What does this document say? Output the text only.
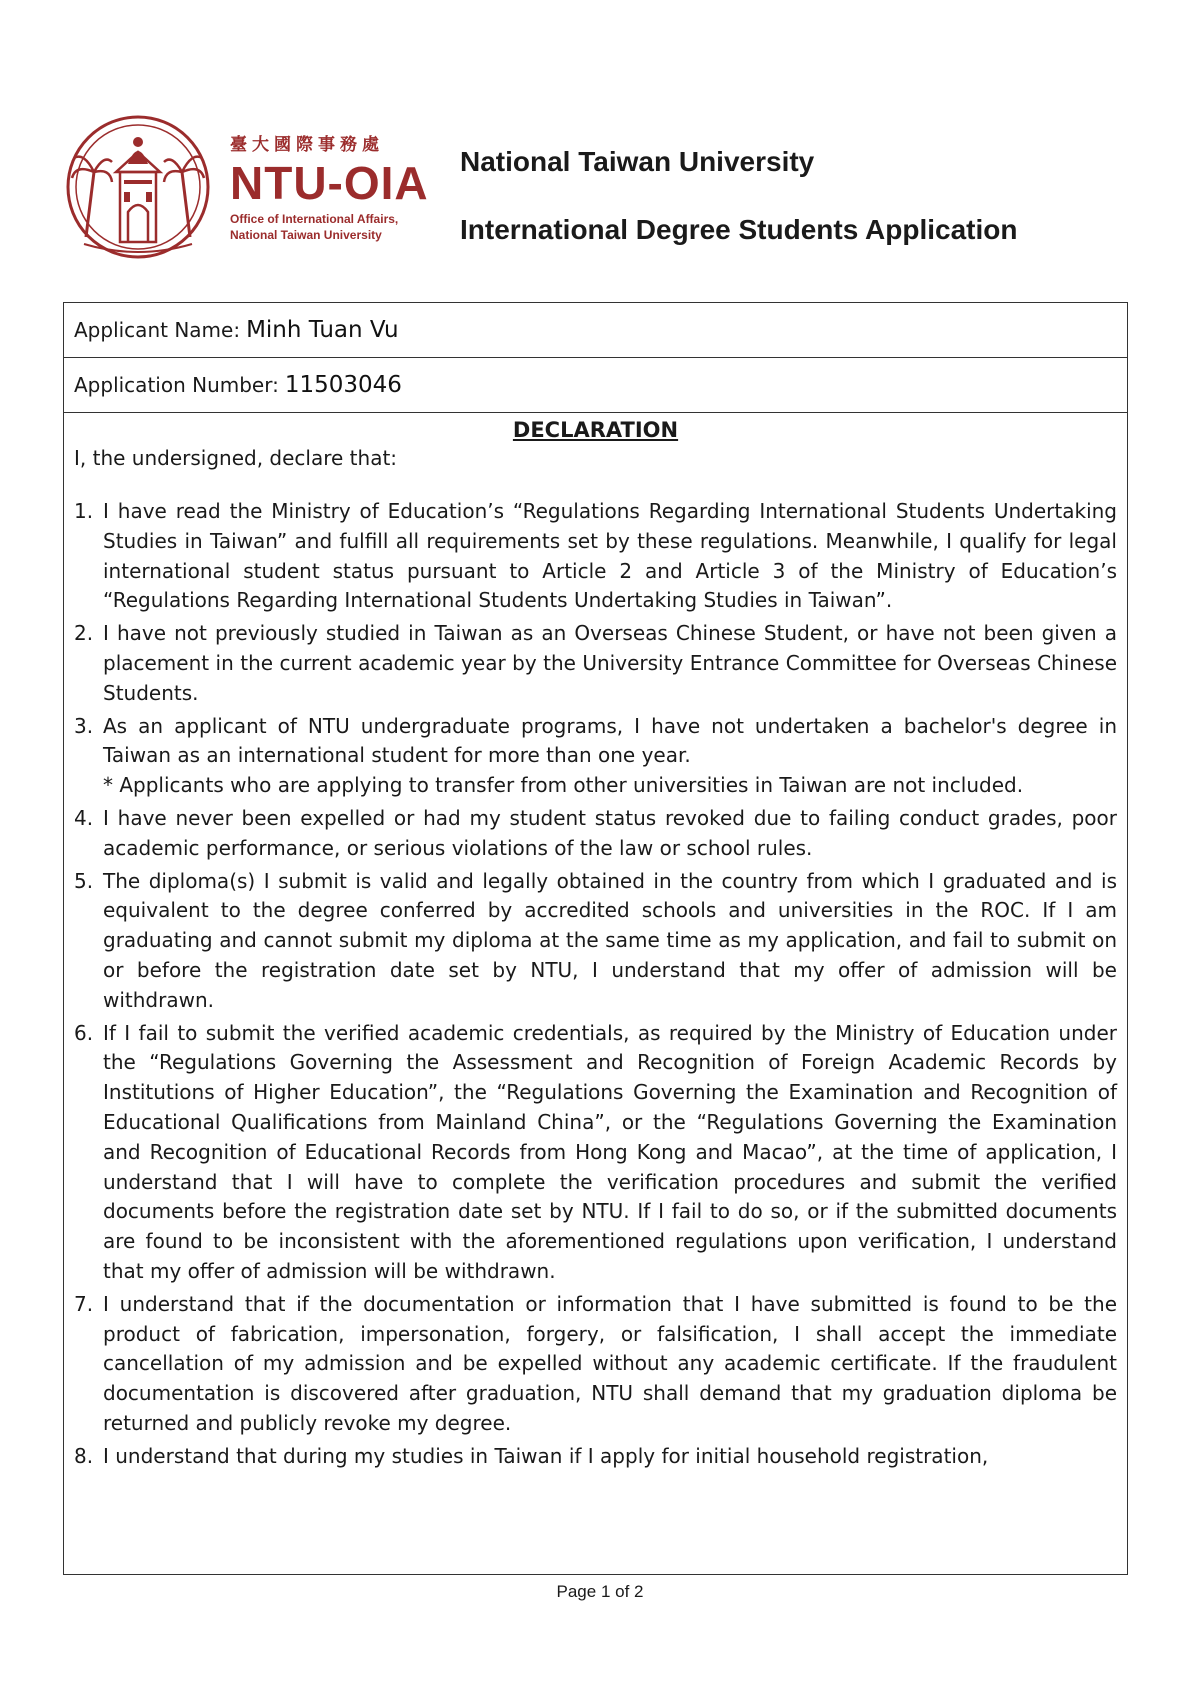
臺大國際事務處
NTU-OIA
Office of International Affairs,
National Taiwan University
National Taiwan University
International Degree Students Application
Applicant Name: Minh Tuan Vu
Application Number: 11503046
DECLARATION
I, the undersigned, declare that:
1. I have read the Ministry of Education’s “Regulations Regarding International Students Undertaking Studies in Taiwan” and fulfill all requirements set by these regulations. Meanwhile, I qualify for legal international student status pursuant to Article 2 and Article 3 of the Ministry of Education’s “Regulations Regarding International Students Undertaking Studies in Taiwan”.
2. I have not previously studied in Taiwan as an Overseas Chinese Student, or have not been given a placement in the current academic year by the University Entrance Committee for Overseas Chinese Students.
3. As an applicant of NTU undergraduate programs, I have not undertaken a bachelor's degree in Taiwan as an international student for more than one year.
* Applicants who are applying to transfer from other universities in Taiwan are not included.
4. I have never been expelled or had my student status revoked due to failing conduct grades, poor academic performance, or serious violations of the law or school rules.
5. The diploma(s) I submit is valid and legally obtained in the country from which I graduated and is equivalent to the degree conferred by accredited schools and universities in the ROC. If I am graduating and cannot submit my diploma at the same time as my application, and fail to submit on or before the registration date set by NTU, I understand that my offer of admission will be withdrawn.
6. If I fail to submit the verified academic credentials, as required by the Ministry of Education under the “Regulations Governing the Assessment and Recognition of Foreign Academic Records by Institutions of Higher Education”, the “Regulations Governing the Examination and Recognition of Educational Qualifications from Mainland China”, or the “Regulations Governing the Examination and Recognition of Educational Records from Hong Kong and Macao”, at the time of application, I understand that I will have to complete the verification procedures and submit the verified documents before the registration date set by NTU. If I fail to do so, or if the submitted documents are found to be inconsistent with the aforementioned regulations upon verification, I understand that my offer of admission will be withdrawn.
7. I understand that if the documentation or information that I have submitted is found to be the product of fabrication, impersonation, forgery, or falsification, I shall accept the immediate cancellation of my admission and be expelled without any academic certificate. If the fraudulent documentation is discovered after graduation, NTU shall demand that my graduation diploma be returned and publicly revoke my degree.
8. I understand that during my studies in Taiwan if I apply for initial household registration,
Page 1 of 2
